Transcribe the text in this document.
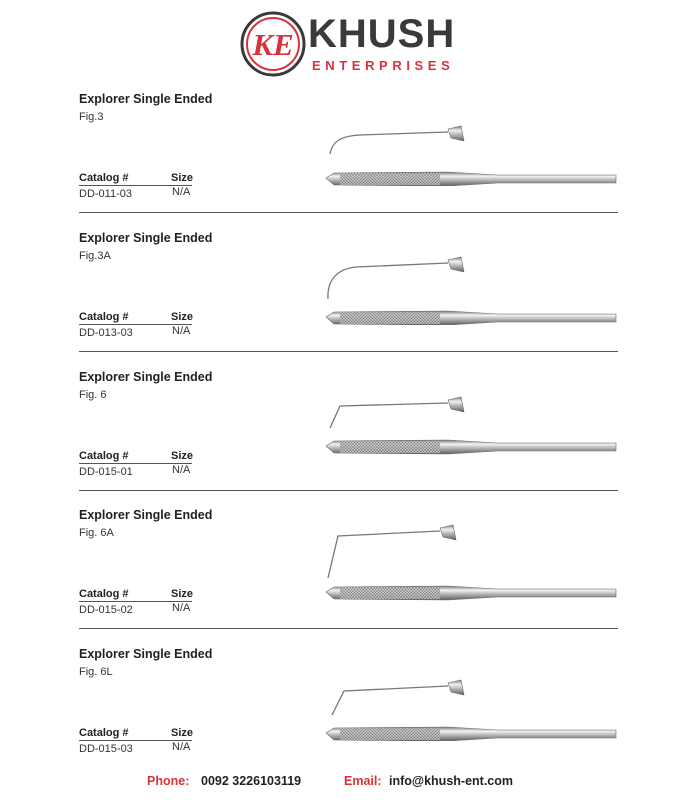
KE KHUSH
ENTERPRISES
Explorer Single Ended
Fig.3
Catalog #	Size
DD-011-03	N/A
Explorer Single Ended
Fig.3A
Catalog #	Size
DD-013-03	N/A
Explorer Single Ended
Fig. 6
Catalog #	Size
DD-015-01	N/A
Explorer Single Ended
Fig. 6A
Catalog #	Size
DD-015-02	N/A
Explorer Single Ended
Fig. 6L
Catalog #	Size
DD-015-03	N/A
Phone: 0092 3226103119	Email: info@khush-ent.com
